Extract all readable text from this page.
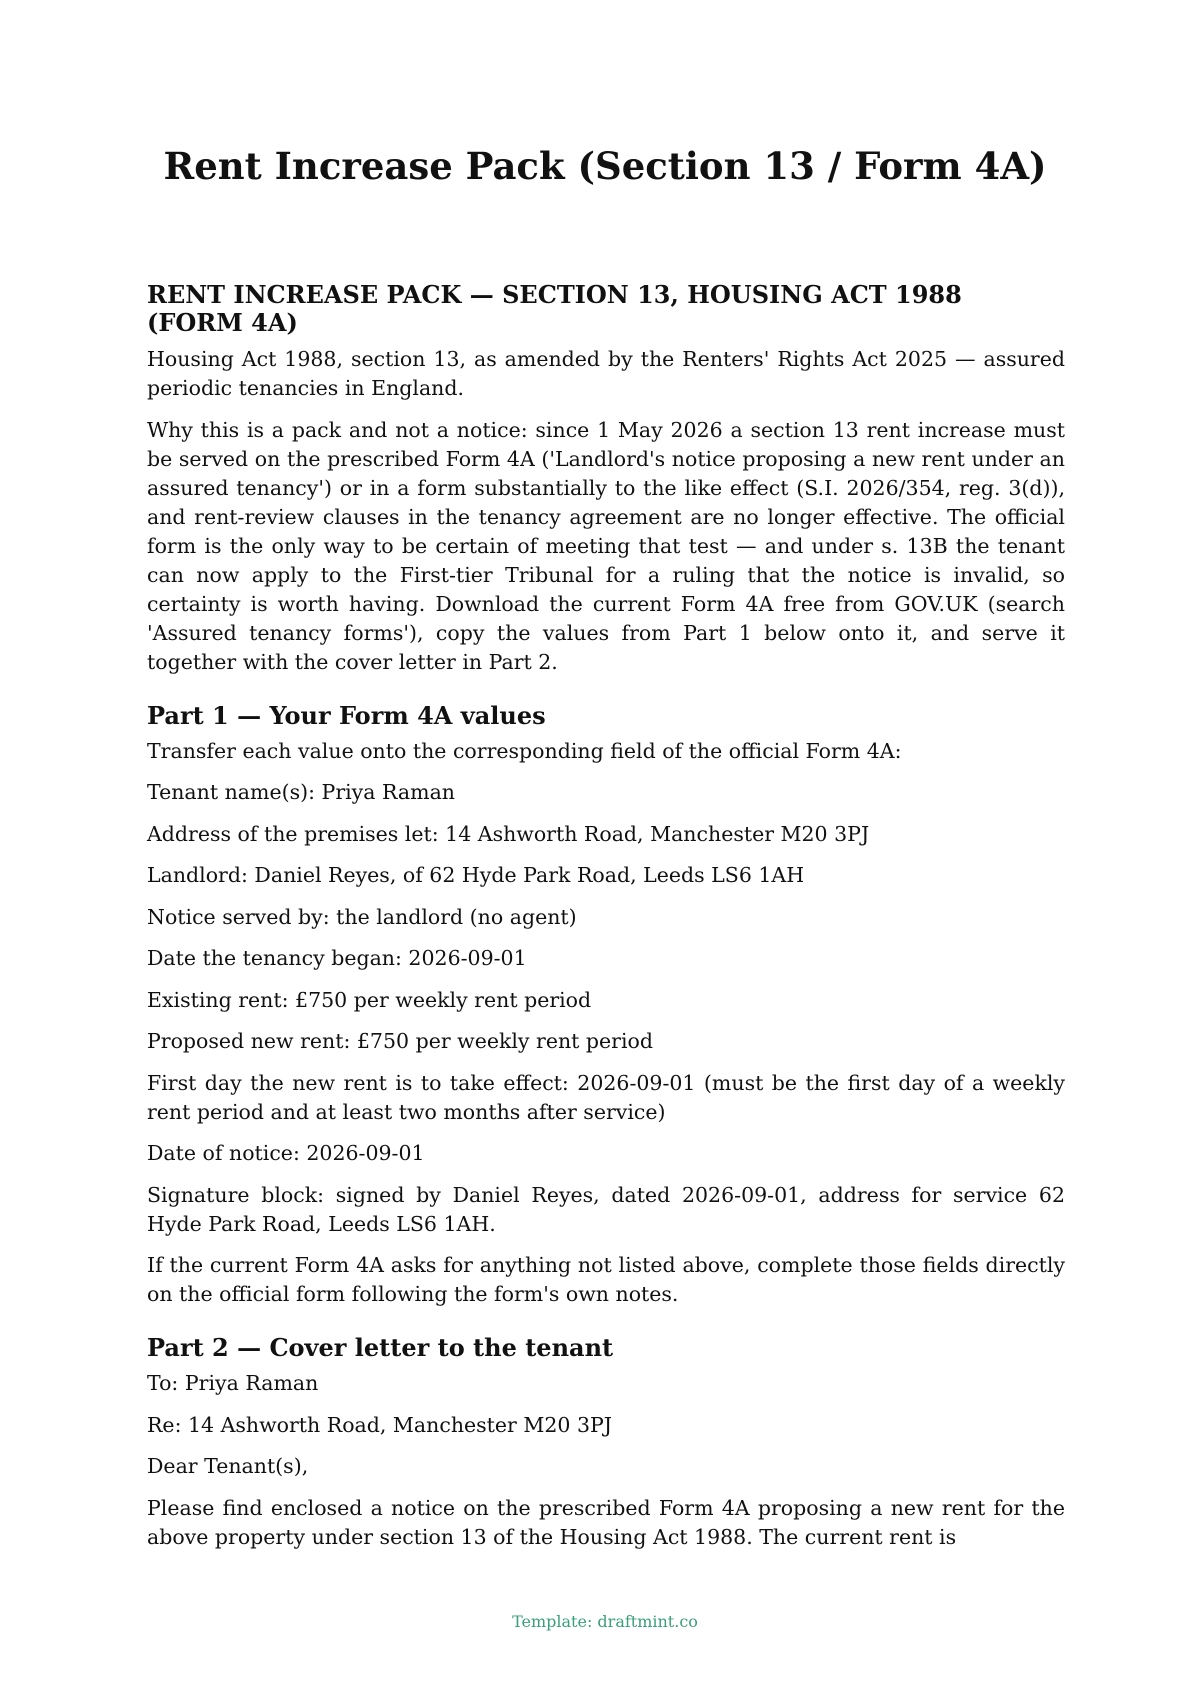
Rent Increase Pack (Section 13 / Form 4A)
RENT INCREASE PACK — SECTION 13, HOUSING ACT 1988 (FORM 4A)

Housing Act 1988, section 13, as amended by the Renters' Rights Act 2025 — assured periodic tenancies in England.

Why this is a pack and not a notice: since 1 May 2026 a section 13 rent increase must be served on the prescribed Form 4A ('Landlord's notice proposing a new rent under an assured tenancy') or in a form substantially to the like effect (S.I. 2026/354, reg. 3(d)), and rent-review clauses in the tenancy agreement are no longer effective. The official form is the only way to be certain of meeting that test — and under s. 13B the tenant can now apply to the First-tier Tribunal for a ruling that the notice is invalid, so certainty is worth having. Download the current Form 4A free from GOV.UK (search 'Assured tenancy forms'), copy the values from Part 1 below onto it, and serve it together with the cover letter in Part 2.

Part 1 — Your Form 4A values

Transfer each value onto the corresponding field of the official Form 4A:

Tenant name(s): Priya Raman

Address of the premises let: 14 Ashworth Road, Manchester M20 3PJ

Landlord: Daniel Reyes, of 62 Hyde Park Road, Leeds LS6 1AH

Notice served by: the landlord (no agent)

Date the tenancy began: 2026-09-01

Existing rent: £750 per weekly rent period

Proposed new rent: £750 per weekly rent period

First day the new rent is to take effect: 2026-09-01 (must be the first day of a weekly rent period and at least two months after service)

Date of notice: 2026-09-01

Signature block: signed by Daniel Reyes, dated 2026-09-01, address for service 62 Hyde Park Road, Leeds LS6 1AH.

If the current Form 4A asks for anything not listed above, complete those fields directly on the official form following the form's own notes.

Part 2 — Cover letter to the tenant

To: Priya Raman

Re: 14 Ashworth Road, Manchester M20 3PJ

Dear Tenant(s),

Please find enclosed a notice on the prescribed Form 4A proposing a new rent for the above property under section 13 of the Housing Act 1988. The current rent is

Template: draftmint.co
